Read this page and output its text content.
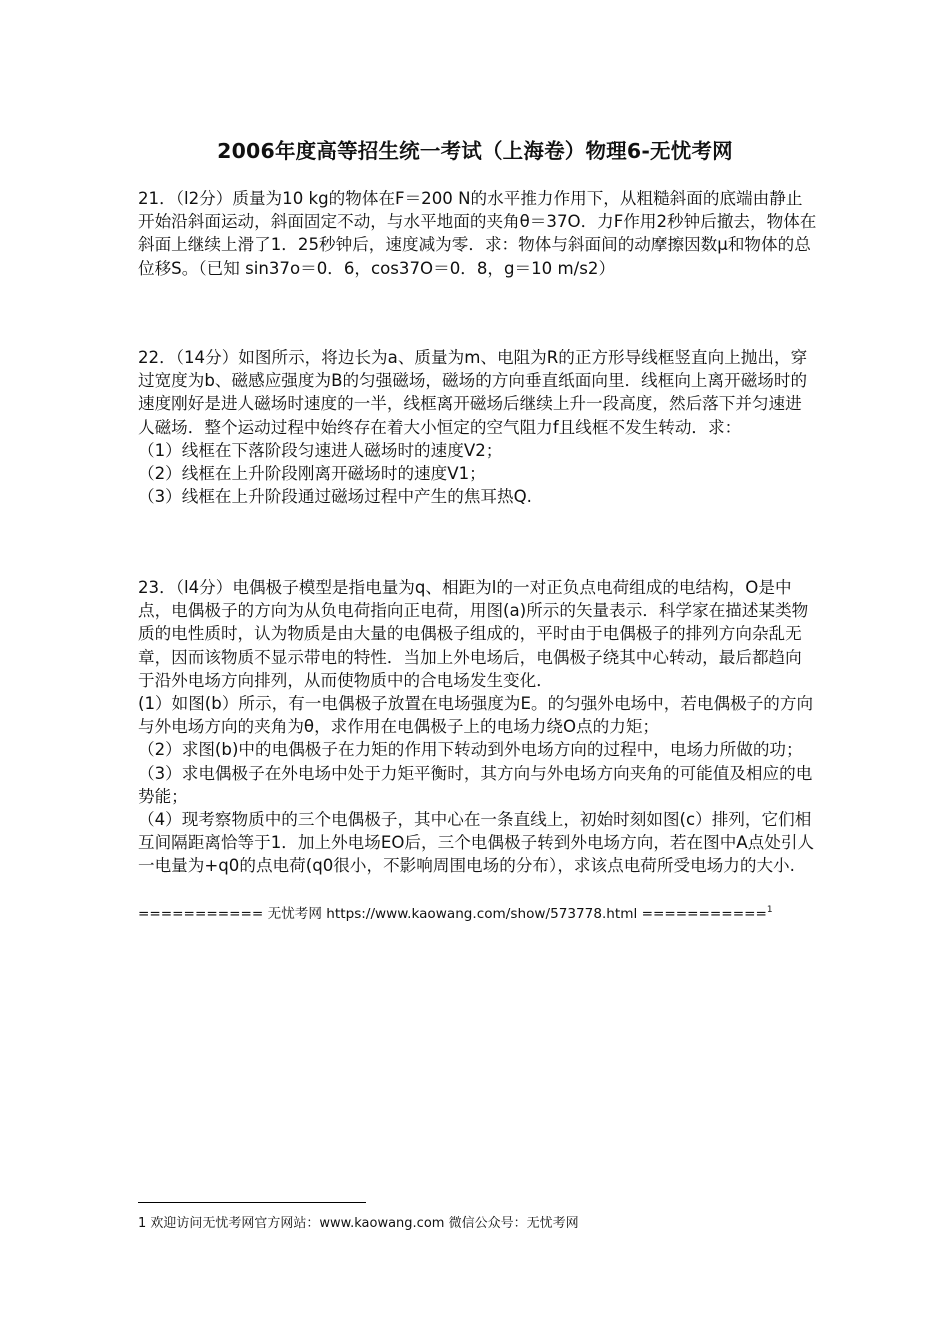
2006年度高等招生统一考试（上海卷）物理6-无忧考网

21．（l2分）质量为10 kg的物体在F＝200 N的水平推力作用下，从粗糙斜面的底端由静止开始沿斜面运动，斜面固定不动，与水平地面的夹角θ＝37O．力F作用2秒钟后撤去，物体在斜面上继续上滑了1．25秒钟后，速度减为零．求：物体与斜面间的动摩擦因数μ和物体的总位移S。（已知 sin37o＝0．6，cos37O＝0．8，g＝10 m/s2）

22．（14分）如图所示，将边长为a、质量为m、电阻为R的正方形导线框竖直向上抛出，穿过宽度为b、磁感应强度为B的匀强磁场，磁场的方向垂直纸面向里．线框向上离开磁场时的速度刚好是进人磁场时速度的一半，线框离开磁场后继续上升一段高度，然后落下并匀速进人磁场．整个运动过程中始终存在着大小恒定的空气阻力f且线框不发生转动．求：

（1）线框在下落阶段匀速进人磁场时的速度V2；

（2）线框在上升阶段刚离开磁场时的速度V1；

（3）线框在上升阶段通过磁场过程中产生的焦耳热Q.

23．（l4分）电偶极子模型是指电量为q、相距为l的一对正负点电荷组成的电结构，O是中点，电偶极子的方向为从负电荷指向正电荷，用图(a)所示的矢量表示．科学家在描述某类物质的电性质时，认为物质是由大量的电偶极子组成的，平时由于电偶极子的排列方向杂乱无章，因而该物质不显示带电的特性．当加上外电场后，电偶极子绕其中心转动，最后都趋向于沿外电场方向排列，从而使物质中的合电场发生变化．

(1）如图(b）所示，有一电偶极子放置在电场强度为E。的匀强外电场中，若电偶极子的方向与外电场方向的夹角为θ，求作用在电偶极子上的电场力绕O点的力矩；

（2）求图(b)中的电偶极子在力矩的作用下转动到外电场方向的过程中，电场力所做的功；

（3）求电偶极子在外电场中处于力矩平衡时，其方向与外电场方向夹角的可能值及相应的电势能；

（4）现考察物质中的三个电偶极子，其中心在一条直线上，初始时刻如图(c）排列，它们相互间隔距离恰等于1．加上外电场EO后，三个电偶极子转到外电场方向，若在图中A点处引人一电量为+q0的点电荷(q0很小，不影响周围电场的分布），求该点电荷所受电场力的大小.

=========== 无忧考网 https://www.kaowang.com/show/573778.html ===========$^1$
1 欢迎访问无忧考网官方网站：www.kaowang.com 微信公众号：无忧考网
